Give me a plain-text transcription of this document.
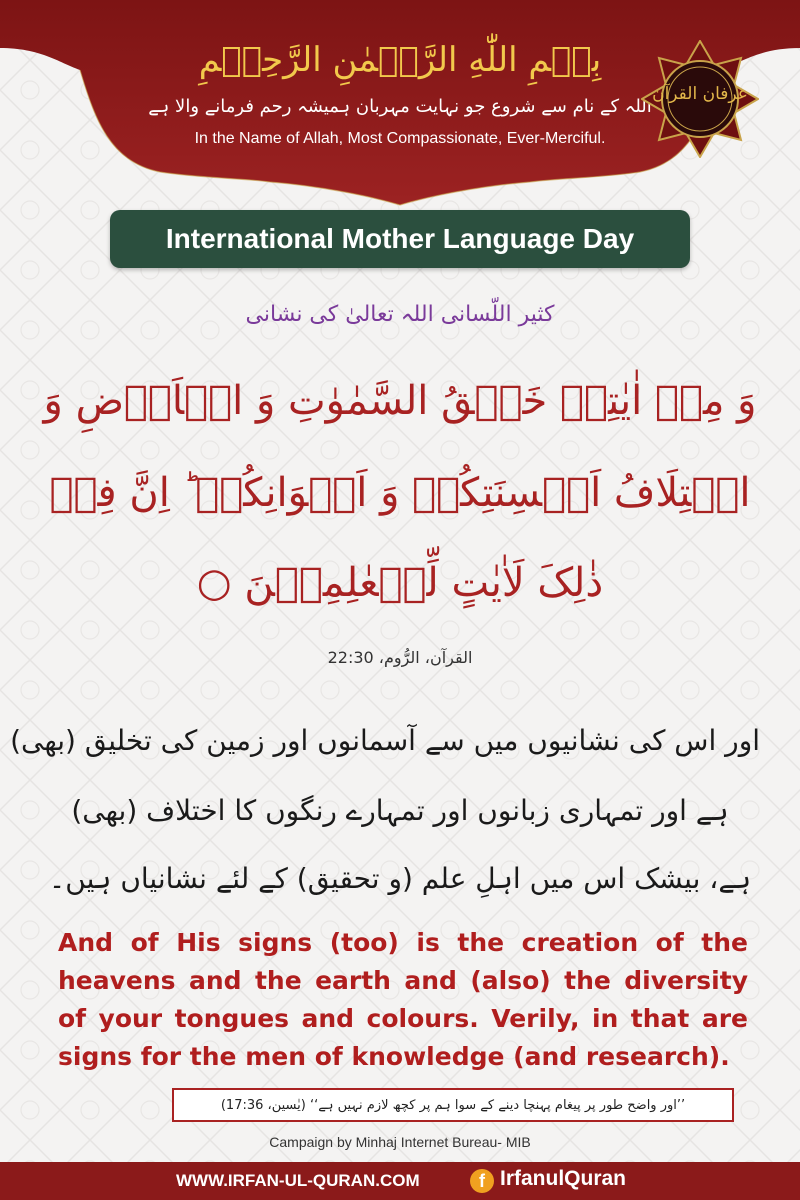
بِسۡمِ اللّٰهِ الرَّحۡمٰنِ الرَّحِیۡمِ
اللہ کے نام سے شروع جو نہایت مہربان ہمیشہ رحم فرمانے والا ہے
In the Name of Allah, Most Compassionate, Ever-Merciful.
عرفان القرآن
International Mother Language Day
کثیر اللّسانی اللہ تعالیٰ کی نشانی
وَ مِنۡ اٰیٰتِهٖ خَلۡقُ السَّمٰوٰتِ وَ الۡاَرۡضِ وَ
اخۡتِلَافُ اَلۡسِنَتِکُمۡ وَ اَلۡوَانِکُمۡ ؕ اِنَّ فِیۡ
ذٰلِکَ لَاٰیٰتٍ لِّلۡعٰلِمِیۡنَ ○
القرآن، الرُّوم، 22:30
اور اس کی نشانیوں میں سے آسمانوں اور زمین کی تخلیق (بھی)
ہے اور تمہاری زبانوں اور تمہارے رنگوں کا اختلاف (بھی)
ہے، بیشک اس میں اہلِ علم (و تحقیق) کے لئے نشانیاں ہیں۔
And of His signs (too) is the creation of the heavens and the earth and (also) the diversity of your tongues and colours. Verily, in that are signs for the men of knowledge (and research).
’’اور واضح طور پر پیغام پہنچا دینے کے سوا ہم پر کچھ لازم نہیں ہے‘‘ (یٰسین، 17:36)
Campaign by Minhaj Internet Bureau- MIB
WWW.IRFAN-UL-QURAN.COM	f IrfanulQuran
